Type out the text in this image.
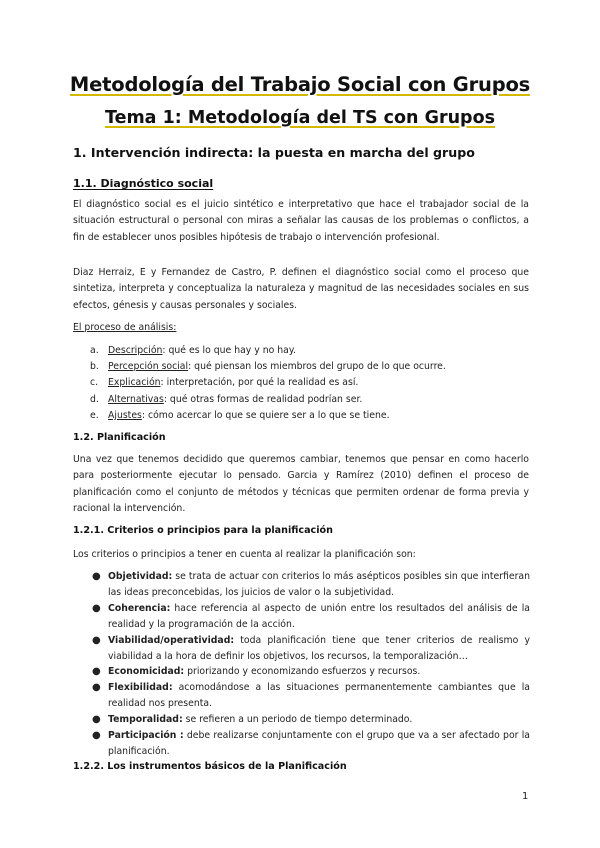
Metodología del Trabajo Social con Grupos
Tema 1: Metodología del TS con Grupos
1. Intervención indirecta: la puesta en marcha del grupo
1.1. Diagnóstico social
El diagnóstico social es el juicio sintético e interpretativo que hace el trabajador social de la situación estructural o personal con miras a señalar las causas de los problemas o conflictos, a fin de establecer unos posibles hipótesis de trabajo o intervención profesional.
Diaz Herraiz, E y Fernandez de Castro, P. definen el diagnóstico social como el proceso que sintetiza, interpreta y conceptualiza la naturaleza y magnitud de las necesidades sociales en sus efectos, génesis y causas personales y sociales.
El proceso de análisis:
a. Descripción: qué es lo que hay y no hay.
b. Percepción social: qué piensan los miembros del grupo de lo que ocurre.
c. Explicación: interpretación, por qué la realidad es así.
d. Alternativas: qué otras formas de realidad podrían ser.
e. Ajustes: cómo acercar lo que se quiere ser a lo que se tiene.
1.2. Planificación
Una vez que tenemos decidido que queremos cambiar, tenemos que pensar en como hacerlo para posteriormente ejecutar lo pensado. Garcia y Ramírez (2010) definen el proceso de planificación como el conjunto de métodos y técnicas que permiten ordenar de forma previa y racional la intervención.
1.2.1. Criterios o principios para la planificación
Los criterios o principios a tener en cuenta al realizar la planificación son:
● Objetividad: se trata de actuar con criterios lo más asépticos posibles sin que interfieran las ideas preconcebidas, los juicios de valor o la subjetividad.
● Coherencia: hace referencia al aspecto de unión entre los resultados del análisis de la realidad y la programación de la acción.
● Viabilidad/operatividad: toda planificación tiene que tener criterios de realismo y viabilidad a la hora de definir los objetivos, los recursos, la temporalización…
● Economicidad: priorizando y economizando esfuerzos y recursos.
● Flexibilidad: acomodándose a las situaciones permanentemente cambiantes que la realidad nos presenta.
● Temporalidad: se refieren a un periodo de tiempo determinado.
● Participación : debe realizarse conjuntamente con el grupo que va a ser afectado por la planificación.
1.2.2. Los instrumentos básicos de la Planificación
1
